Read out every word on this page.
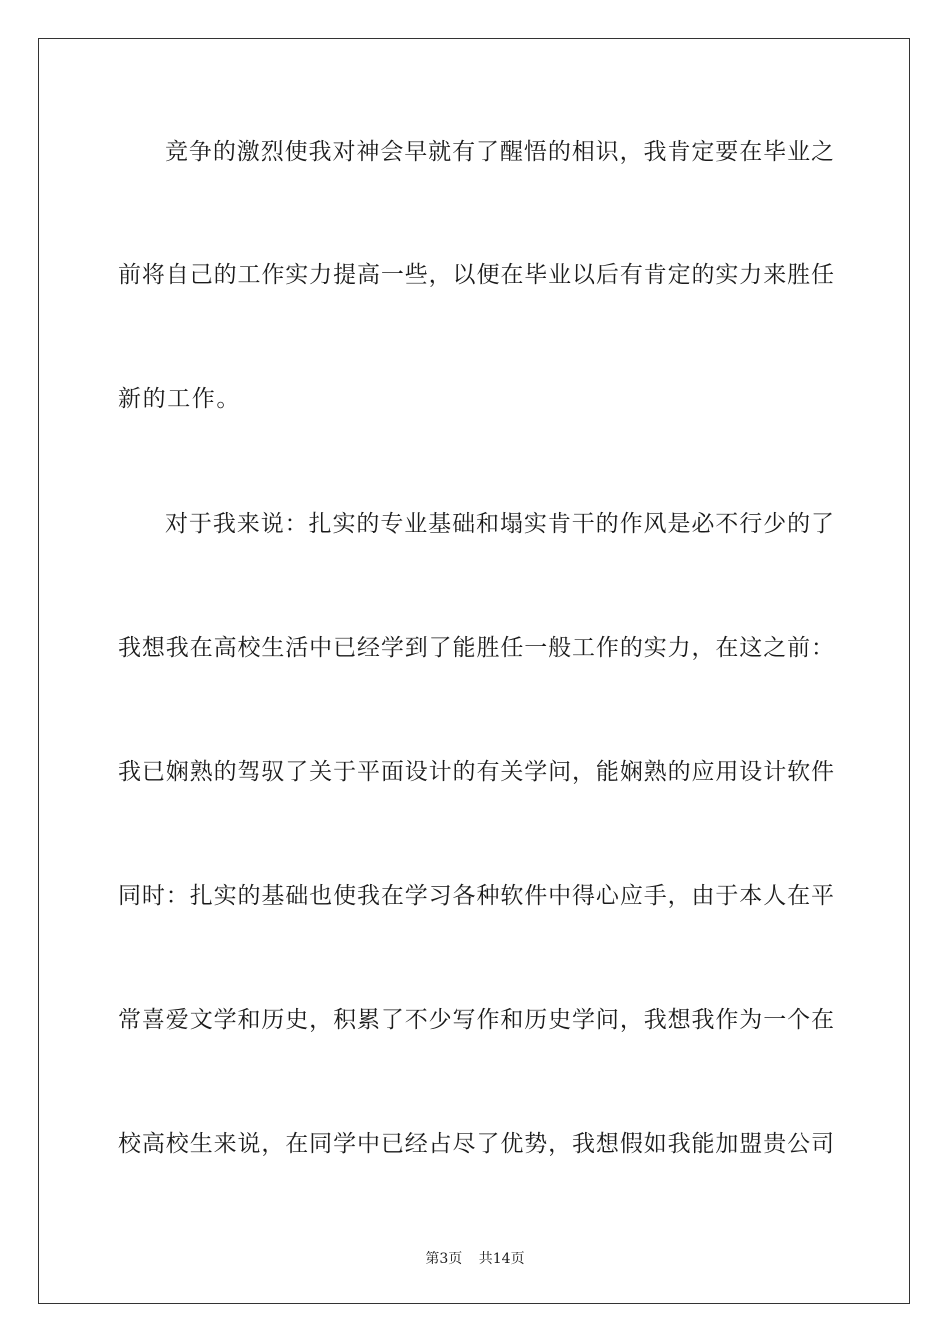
竞争的激烈使我对神会早就有了醒悟的相识，我肯定要在毕业之
前将自己的工作实力提高一些，以便在毕业以后有肯定的实力来胜任
新的工作。
对于我来说：扎实的专业基础和塌实肯干的作风是必不行少的了
我想我在高校生活中已经学到了能胜任一般工作的实力，在这之前：
我已娴熟的驾驭了关于平面设计的有关学问，能娴熟的应用设计软件
同时：扎实的基础也使我在学习各种软件中得心应手，由于本人在平
常喜爱文学和历史，积累了不少写作和历史学问，我想我作为一个在
校高校生来说，在同学中已经占尽了优势，我想假如我能加盟贵公司
第3页 共14页
